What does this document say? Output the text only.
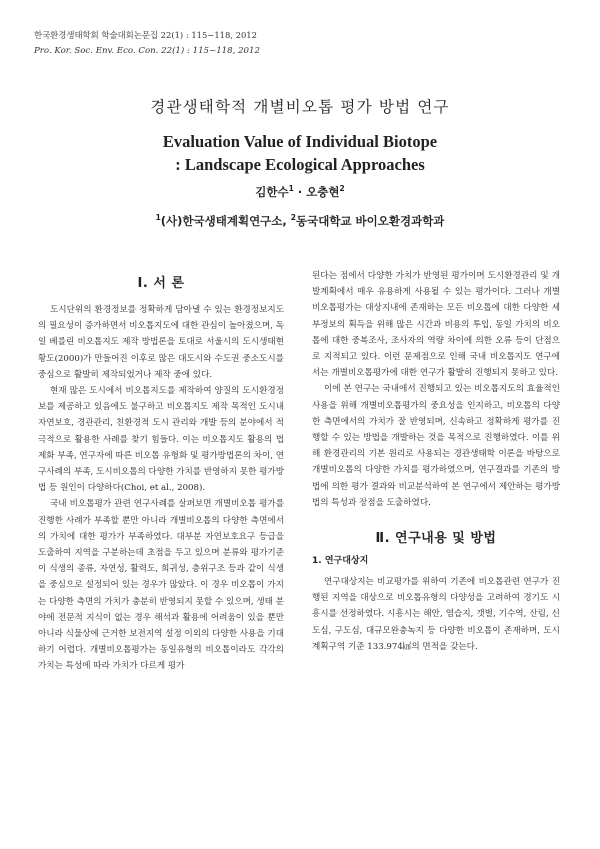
한국환경생태학회 학술대회논문집 22(1) : 115~118, 2012
Pro. Kor. Soc. Env. Eco. Con. 22(1) : 115~118, 2012
경관생태학적 개별비오톱 평가 방법 연구
Evaluation Value of Individual Biotope
: Landscape Ecological Approaches
김한수$^1$ · 오충현$^2$
$^1$(사)한국생태계획연구소, $^2$동국대학교 바이오환경과학과
Ⅰ. 서 론

도시단위의 환경정보를 정확하게 담아낼 수 있는 환경정보지도의 필요성이 증가하면서 비오톱지도에 대한 관심이 높아졌으며, 독일 베를린 비오톱지도 제작 방법론을 토대로 서울시의 도시생태현황도(2000)가 만들어진 이후로 많은 대도시와 수도권 중소도시를 중심으로 활발히 제작되었거나 제작 중에 있다.

현재 많은 도시에서 비오톱지도를 제작하여 양질의 도시환경정보를 제공하고 있음에도 불구하고 비오톱지도 제작 목적인 도시내 자연보호, 경관관리, 친환경적 도시 관리와 개발 등의 분야에서 적극적으로 활용한 사례를 찾기 힘들다. 이는 비오톱지도 활용의 법제화 부족, 연구자에 따른 비오톱 유형화 및 평가방법론의 차이, 연구사례의 부족, 도시비오톱의 다양한 가치를 반영하지 못한 평가방법 등 원인이 다양하다(Choi, et al., 2008).

국내 비오톱평가 관련 연구사례를 살펴보면 개별비오톱 평가를 진행한 사례가 부족할 뿐만 아니라 개별비오톱의 다양한 측면에서의 가치에 대한 평가가 부족하였다. 대부분 자연보호요구 등급을 도출하여 지역을 구분하는데 초점을 두고 있으며 분류와 평가기준이 식생의 종류, 자연성, 활력도, 희귀성, 층위구조 등과 같이 식생을 중심으로 설정되어 있는 경우가 많았다. 이 경우 비오톱이 가지는 다양한 측면의 가치가 충분히 반영되지 못할 수 있으며, 생태 분야에 전문적 지식이 없는 경우 해석과 활용에 어려움이 있을 뿐만 아니라 식물상에 근거한 보전지역 설정 이외의 다양한 사용을 기대하기 어렵다. 개별비오톱평가는 동일유형의 비오톱이라도 각각의 가치는 특성에 따라 가치가 다르게 평가

된다는 점에서 다양한 가치가 반영된 평가이며 도시환경관리 및 개발계획에서 매우 유용하게 사용될 수 있는 평가이다. 그러나 개별비오톱평가는 대상지내에 존재하는 모든 비오톱에 대한 다양한 세부정보의 획득을 위해 많은 시간과 비용의 투입, 동일 가치의 비오톱에 대한 중복조사, 조사자의 역량 차이에 의한 오류 등이 단점으로 지적되고 있다. 이런 문제점으로 인해 국내 비오톱지도 연구에서는 개별비오톱평가에 대한 연구가 활발히 진행되지 못하고 있다.

이에 본 연구는 국내에서 진행되고 있는 비오톱지도의 효율적인 사용을 위해 개별비오톱평가의 중요성을 인지하고, 비오톱의 다양한 측면에서의 가치가 잘 반영되며, 신속하고 정확하게 평가를 진행할 수 있는 방법을 개발하는 것을 목적으로 진행하였다. 이를 위해 환경관리의 기본 원리로 사용되는 경관생태학 이론을 바탕으로 개별비오톱의 다양한 가치를 평가하였으며, 연구결과를 기존의 방법에 의한 평가 결과와 비교분석하여 본 연구에서 제안하는 평가방법의 특성과 장점을 도출하였다.

Ⅱ. 연구내용 및 방법
1. 연구대상지

연구대상지는 비교평가를 위하여 기존에 비오톱관련 연구가 진행된 지역을 대상으로 비오톱유형의 다양성을 고려하여 경기도 시흥시를 선정하였다. 시흥시는 해안, 염습지, 갯벌, 기수역, 산림, 신도심, 구도심, 대규모완충녹지 등 다양한 비오톱이 존재하며, 도시계획구역 기준 133.974㎢의 면적을 갖는다.
